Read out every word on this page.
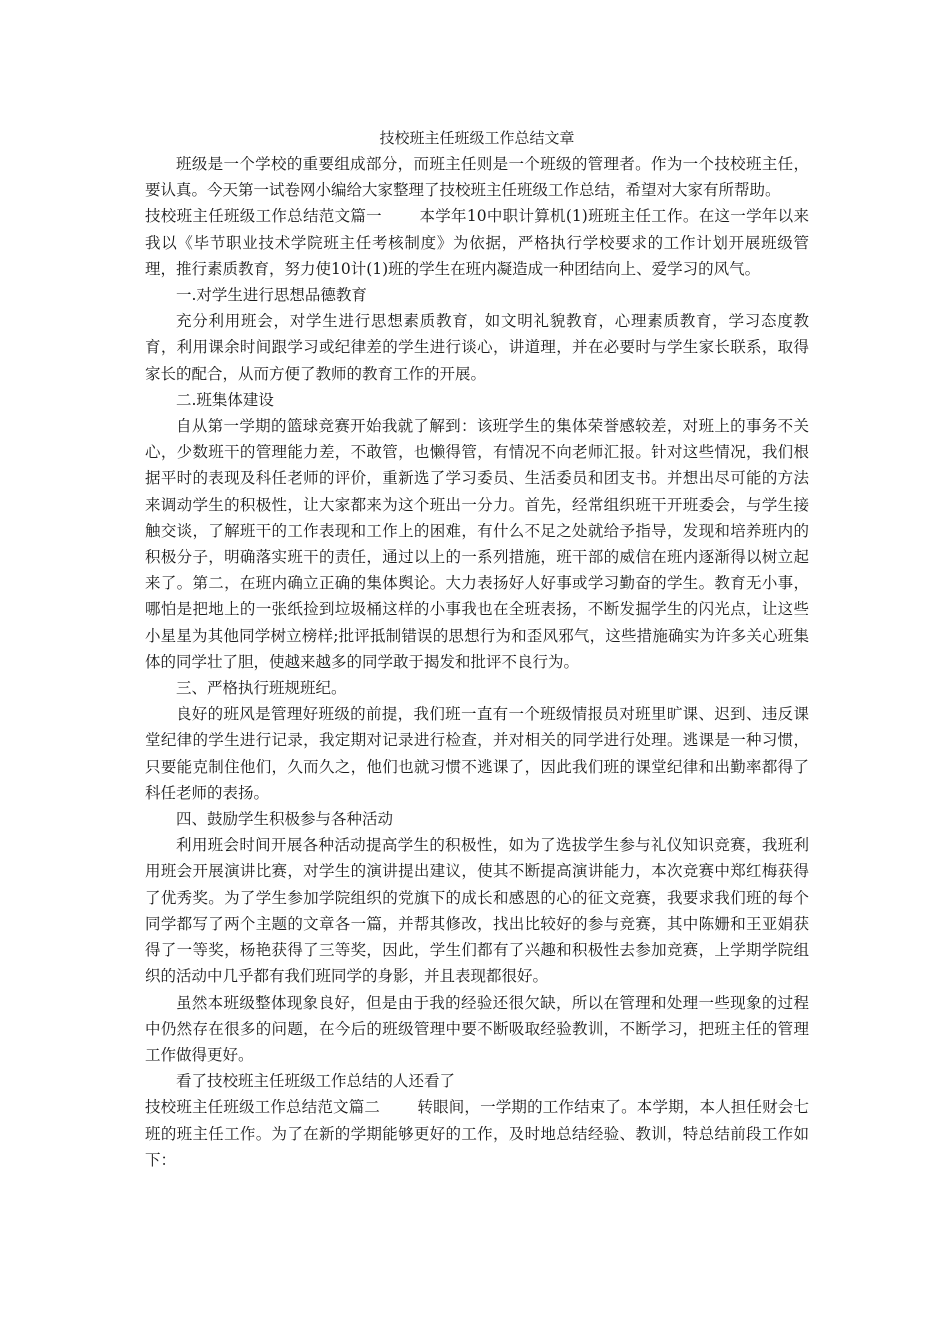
技校班主任班级工作总结文章

班级是一个学校的重要组成部分，而班主任则是一个班级的管理者。作为一个技校班主任，要认真。今天第一试卷网小编给大家整理了技校班主任班级工作总结，希望对大家有所帮助。

技校班主任班级工作总结范文篇一 本学年10中职计算机(1)班班主任工作。在这一学年以来我以《毕节职业技术学院班主任考核制度》为依据，严格执行学校要求的工作计划开展班级管理，推行素质教育，努力使10计(1)班的学生在班内凝造成一种团结向上、爱学习的风气。

一.对学生进行思想品德教育

充分利用班会，对学生进行思想素质教育，如文明礼貌教育，心理素质教育，学习态度教育，利用课余时间跟学习或纪律差的学生进行谈心，讲道理，并在必要时与学生家长联系，取得家长的配合，从而方便了教师的教育工作的开展。

二.班集体建设

自从第一学期的篮球竞赛开始我就了解到：该班学生的集体荣誉感较差，对班上的事务不关心，少数班干的管理能力差，不敢管，也懒得管，有情况不向老师汇报。针对这些情况，我们根据平时的表现及科任老师的评价，重新选了学习委员、生活委员和团支书。并想出尽可能的方法来调动学生的积极性，让大家都来为这个班出一分力。首先，经常组织班干开班委会，与学生接触交谈，了解班干的工作表现和工作上的困难，有什么不足之处就给予指导，发现和培养班内的积极分子，明确落实班干的责任，通过以上的一系列措施，班干部的威信在班内逐渐得以树立起来了。第二，在班内确立正确的集体舆论。大力表扬好人好事或学习勤奋的学生。教育无小事，哪怕是把地上的一张纸捡到垃圾桶这样的小事我也在全班表扬，不断发掘学生的闪光点，让这些小星星为其他同学树立榜样;批评抵制错误的思想行为和歪风邪气，这些措施确实为许多关心班集体的同学壮了胆，使越来越多的同学敢于揭发和批评不良行为。

三、严格执行班规班纪。

良好的班风是管理好班级的前提，我们班一直有一个班级情报员对班里旷课、迟到、违反课堂纪律的学生进行记录，我定期对记录进行检查，并对相关的同学进行处理。逃课是一种习惯，只要能克制住他们，久而久之，他们也就习惯不逃课了，因此我们班的课堂纪律和出勤率都得了科任老师的表扬。

四、鼓励学生积极参与各种活动

利用班会时间开展各种活动提高学生的积极性，如为了选拔学生参与礼仪知识竞赛，我班利用班会开展演讲比赛，对学生的演讲提出建议，使其不断提高演讲能力，本次竞赛中郑红梅获得了优秀奖。为了学生参加学院组织的党旗下的成长和感恩的心的征文竞赛，我要求我们班的每个同学都写了两个主题的文章各一篇，并帮其修改，找出比较好的参与竞赛，其中陈姗和王亚娟获得了一等奖，杨艳获得了三等奖，因此，学生们都有了兴趣和积极性去参加竞赛，上学期学院组织的活动中几乎都有我们班同学的身影，并且表现都很好。

虽然本班级整体现象良好，但是由于我的经验还很欠缺，所以在管理和处理一些现象的过程中仍然存在很多的问题，在今后的班级管理中要不断吸取经验教训，不断学习，把班主任的管理工作做得更好。

看了技校班主任班级工作总结的人还看了

技校班主任班级工作总结范文篇二 转眼间，一学期的工作结束了。本学期，本人担任财会七班的班主任工作。为了在新的学期能够更好的工作，及时地总结经验、教训，特总结前段工作如下：
